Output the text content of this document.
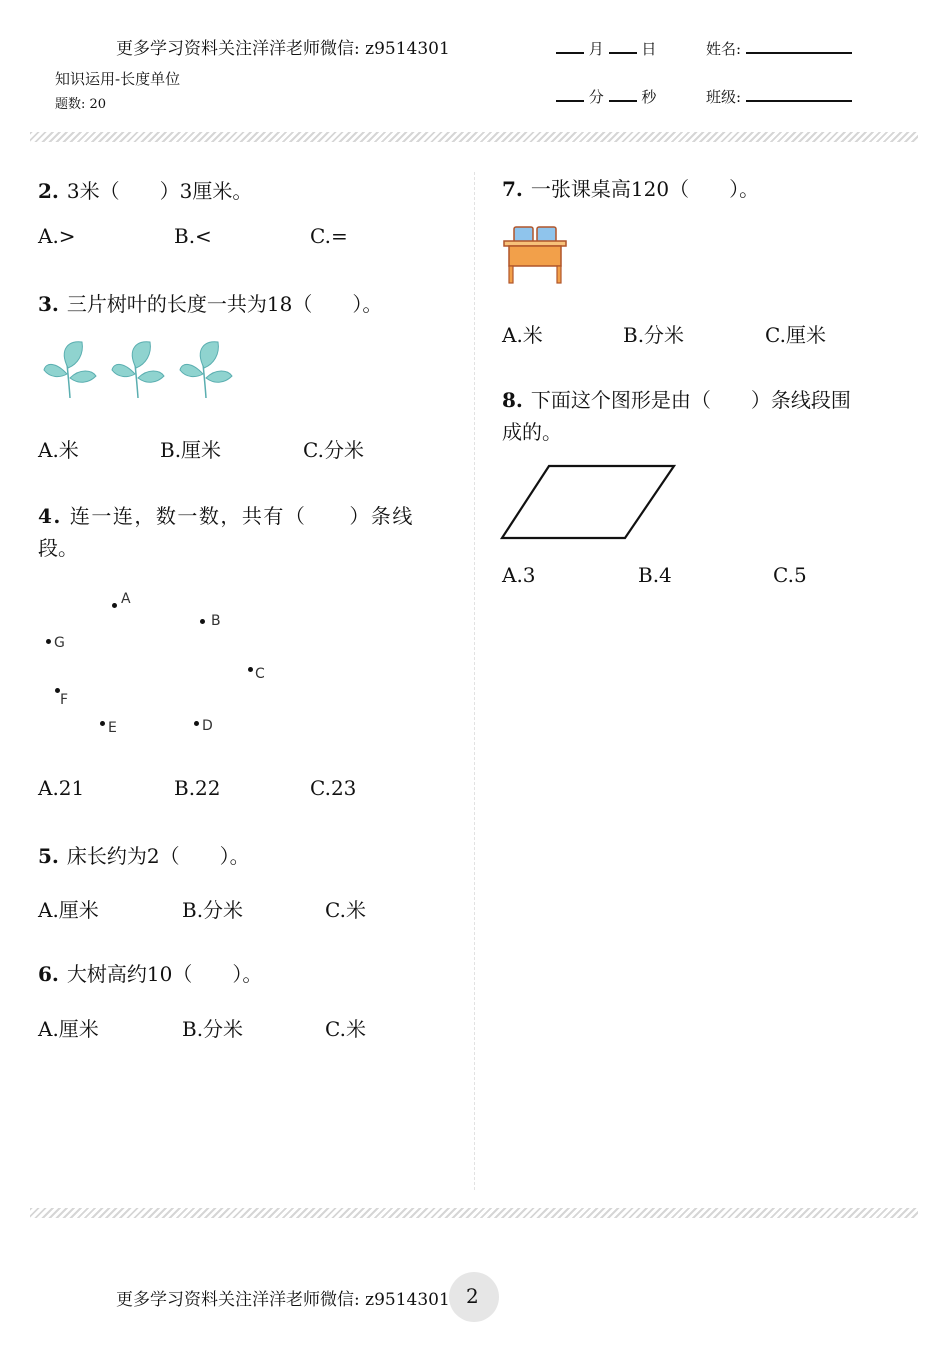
更多学习资料关注洋洋老师微信: z9514301
知识运用-长度单位
题数: 20
月	日	姓名:
分	秒	班级:
2. 3米（　　）3厘米。
A.>	B.<	C.=
3. 三片树叶的长度一共为18（　　）。
A.米	B.厘米	C.分米
4. 连一连，数一数，共有（　　）条线
段。
A
B
C
D
E
F
G
A.21	B.22	C.23
5. 床长约为2（　　）。
A.厘米	B.分米	C.米
6. 大树高约10（　　）。
A.厘米	B.分米	C.米
7. 一张课桌高120（　　）。
A.米	B.分米	C.厘米
8. 下面这个图形是由（　　）条线段围
成的。
A.3	B.4	C.5
更多学习资料关注洋洋老师微信: z9514301 2
